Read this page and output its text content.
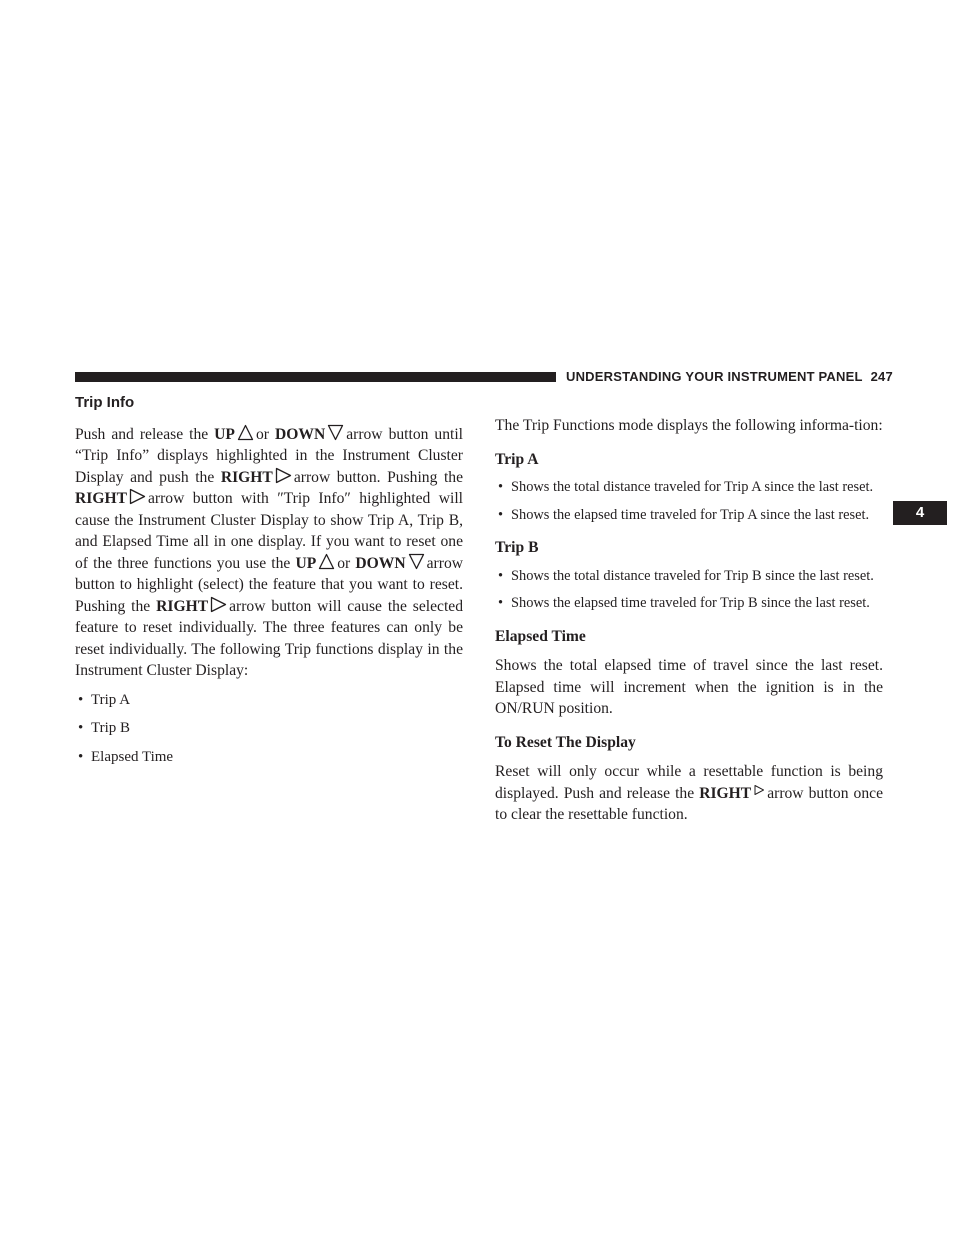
UNDERSTANDING YOUR INSTRUMENT PANEL 247
4
Trip Info

Push and release the UP or DOWN arrow button until “Trip Info” displays highlighted in the Instrument Cluster Display and push the RIGHT arrow button. Pushing the RIGHT arrow button with ″Trip Info″ highlighted will cause the Instrument Cluster Display to show Trip A, Trip B, and Elapsed Time all in one display. If you want to reset one of the three functions you use the UP or DOWN arrow button to highlight (select) the feature that you want to reset. Pushing the RIGHT arrow button will cause the selected feature to reset individually. The three features can only be reset individually. The following Trip functions display in the Instrument Cluster Display:

• Trip A
• Trip B
• Elapsed Time

The Trip Functions mode displays the following informa-tion:

Trip A
• Shows the total distance traveled for Trip A since the last reset.
• Shows the elapsed time traveled for Trip A since the last reset.
Trip B
• Shows the total distance traveled for Trip B since the last reset.
• Shows the elapsed time traveled for Trip B since the last reset.
Elapsed Time

Shows the total elapsed time of travel since the last reset. Elapsed time will increment when the ignition is in the ON/RUN position.

To Reset The Display

Reset will only occur while a resettable function is being displayed. Push and release the RIGHT arrow button once to clear the resettable function.
